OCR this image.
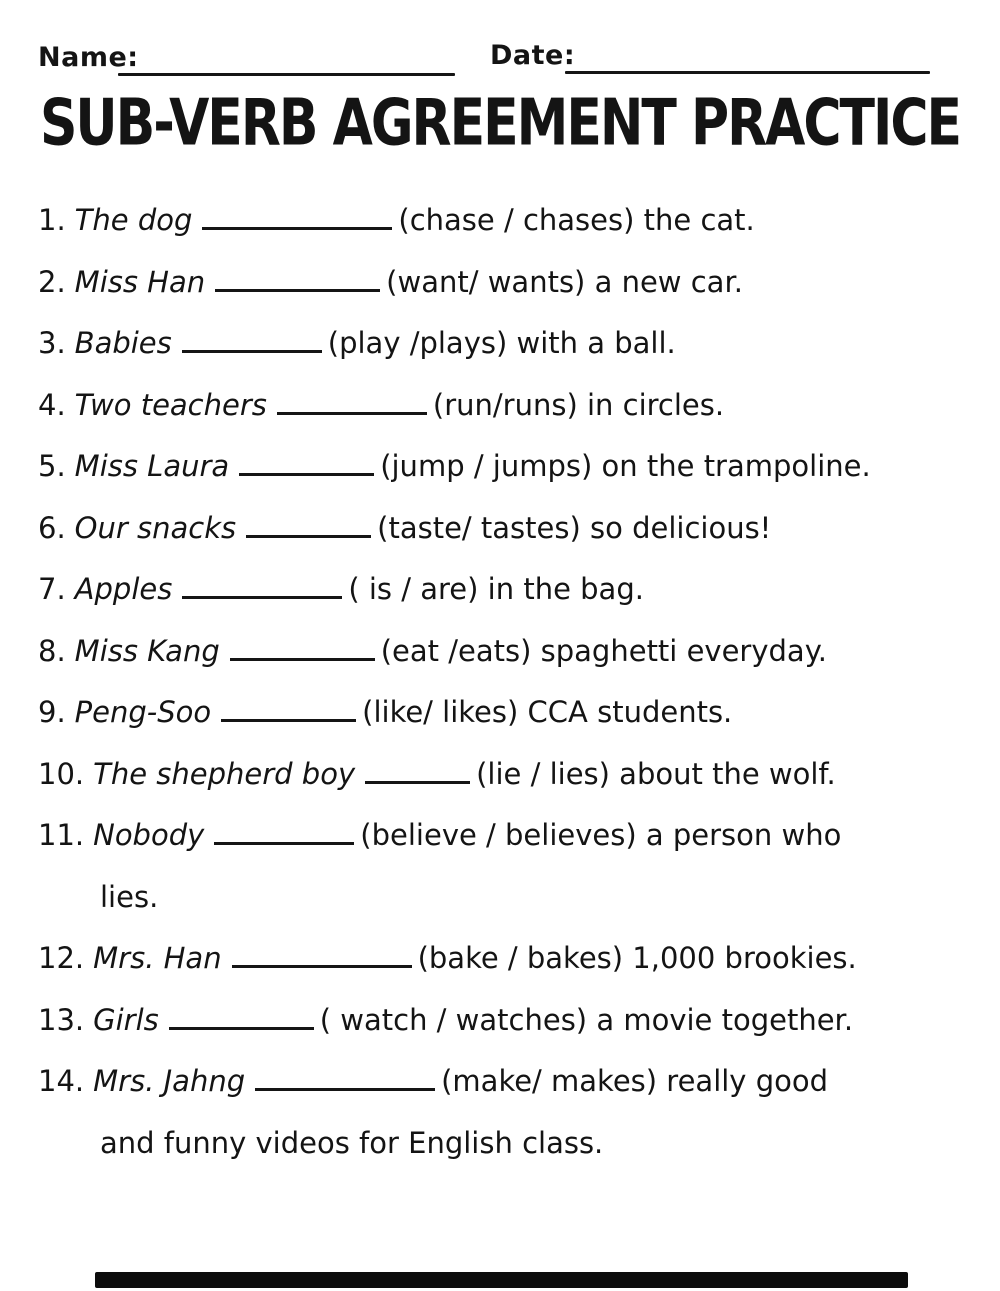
Name:	Date:
SUB-VERB AGREEMENT PRACTICE
1. The dog	(chase / chases) the cat.
2. Miss Han	(want/ wants) a new car.
3. Babies	(play /plays) with a ball.
4. Two teachers	(run/runs) in circles.
5. Miss Laura	(jump / jumps) on the trampoline.
6. Our snacks	(taste/ tastes) so delicious!
7. Apples	( is / are) in the bag.
8. Miss Kang	(eat /eats) spaghetti everyday.
9. Peng-Soo	(like/ likes) CCA students.
10. The shepherd boy	(lie / lies) about the wolf.
11. Nobody	(believe / believes) a person who
lies.
12. Mrs. Han	(bake / bakes) 1,000 brookies.
13. Girls	( watch / watches) a movie together.
14. Mrs. Jahng	(make/ makes) really good
and funny videos for English class.
